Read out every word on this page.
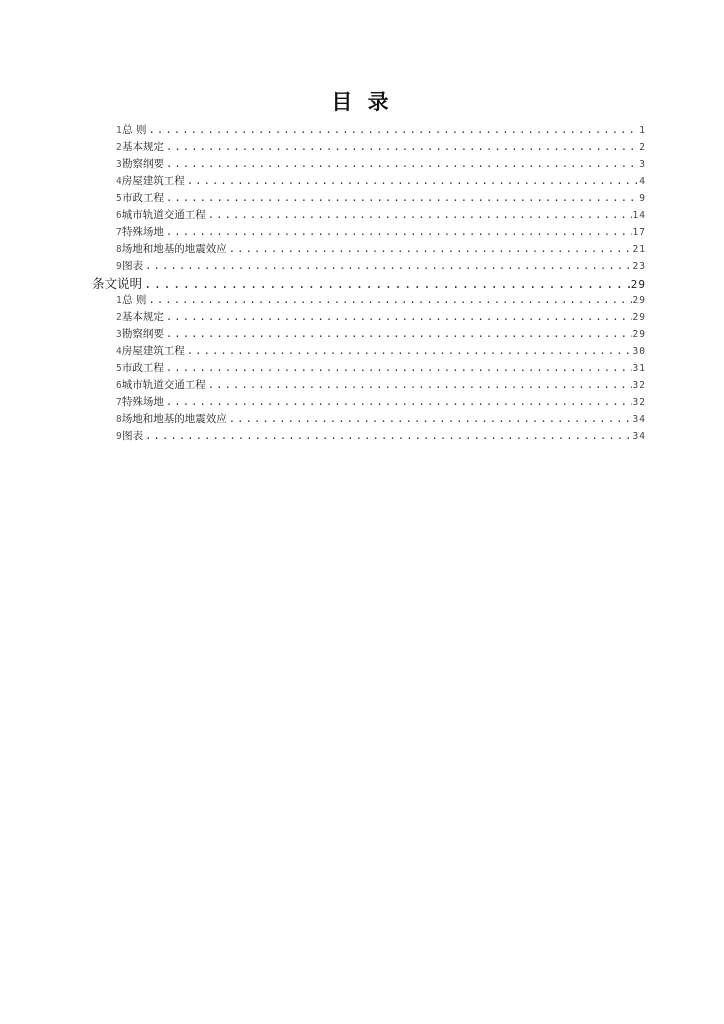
目 录
1 总 则 .....	1
2 基本规定 .....	2
3 勘察纲要 .....	3
4 房屋建筑工程 .....	4
5 市政工程 .....	9
6 城市轨道交通工程 .....	14
7 特殊场地 .....	17
8 场地和地基的地震效应 .....	21
9 图表 .....	23
条文说明 .....	29
1 总 则 .....	29
2 基本规定 .....	29
3 勘察纲要 .....	29
4 房屋建筑工程 .....	30
5 市政工程 .....	31
6 城市轨道交通工程 .....	32
7 特殊场地 .....	32
8 场地和地基的地震效应 .....	34
9 图表 .....	34
